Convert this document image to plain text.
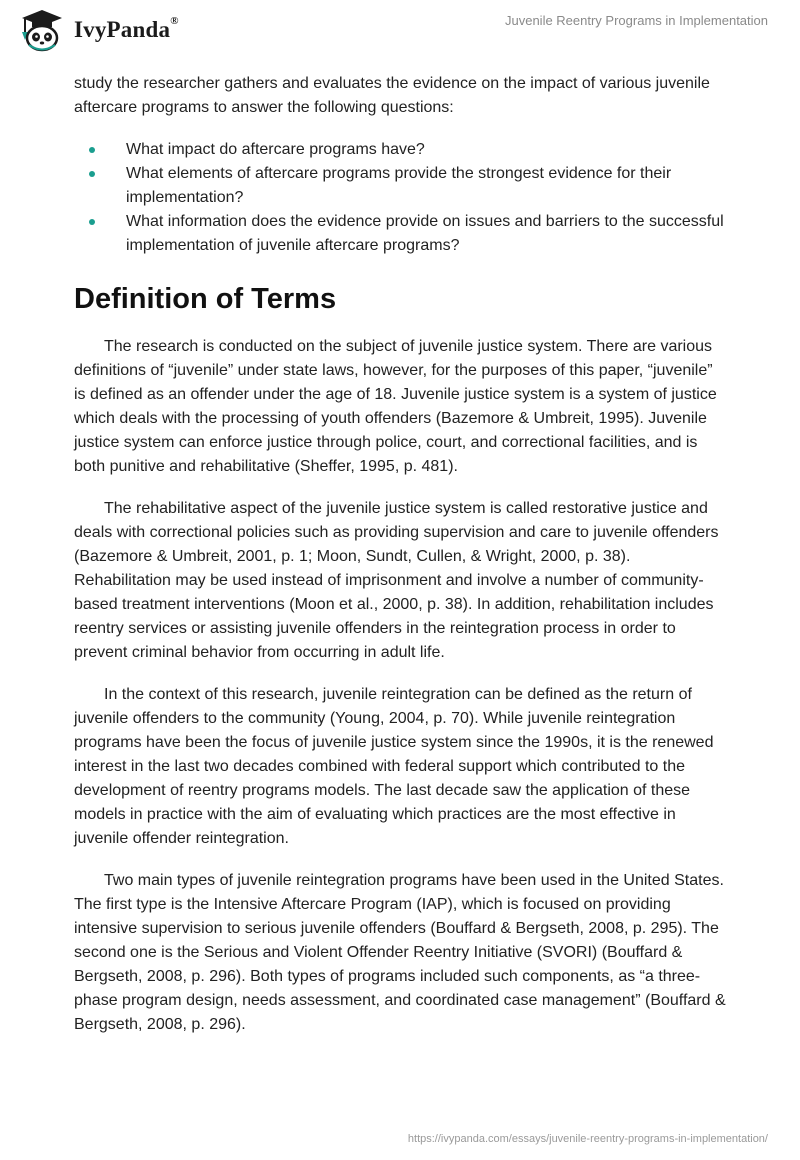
IvyPanda®	Juvenile Reentry Programs in Implementation

study the researcher gathers and evaluates the evidence on the impact of various juvenile aftercare programs to answer the following questions:

What impact do aftercare programs have?
What elements of aftercare programs provide the strongest evidence for their implementation?
What information does the evidence provide on issues and barriers to the successful implementation of juvenile aftercare programs?
Definition of Terms

The research is conducted on the subject of juvenile justice system. There are various definitions of “juvenile” under state laws, however, for the purposes of this paper, “juvenile” is defined as an offender under the age of 18. Juvenile justice system is a system of justice which deals with the processing of youth offenders (Bazemore & Umbreit, 1995). Juvenile justice system can enforce justice through police, court, and correctional facilities, and is both punitive and rehabilitative (Sheffer, 1995, p. 481).

The rehabilitative aspect of the juvenile justice system is called restorative justice and deals with correctional policies such as providing supervision and care to juvenile offenders (Bazemore & Umbreit, 2001, p. 1; Moon, Sundt, Cullen, & Wright, 2000, p. 38). Rehabilitation may be used instead of imprisonment and involve a number of community-based treatment interventions (Moon et al., 2000, p. 38). In addition, rehabilitation includes reentry services or assisting juvenile offenders in the reintegration process in order to prevent criminal behavior from occurring in adult life.

In the context of this research, juvenile reintegration can be defined as the return of juvenile offenders to the community (Young, 2004, p. 70). While juvenile reintegration programs have been the focus of juvenile justice system since the 1990s, it is the renewed interest in the last two decades combined with federal support which contributed to the development of reentry programs models. The last decade saw the application of these models in practice with the aim of evaluating which practices are the most effective in juvenile offender reintegration.

Two main types of juvenile reintegration programs have been used in the United States. The first type is the Intensive Aftercare Program (IAP), which is focused on providing intensive supervision to serious juvenile offenders (Bouffard & Bergseth, 2008, p. 295). The second one is the Serious and Violent Offender Reentry Initiative (SVORI) (Bouffard & Bergseth, 2008, p. 296). Both types of programs included such components, as “a three-phase program design, needs assessment, and coordinated case management” (Bouffard & Bergseth, 2008, p. 296).

https://ivypanda.com/essays/juvenile-reentry-programs-in-implementation/
